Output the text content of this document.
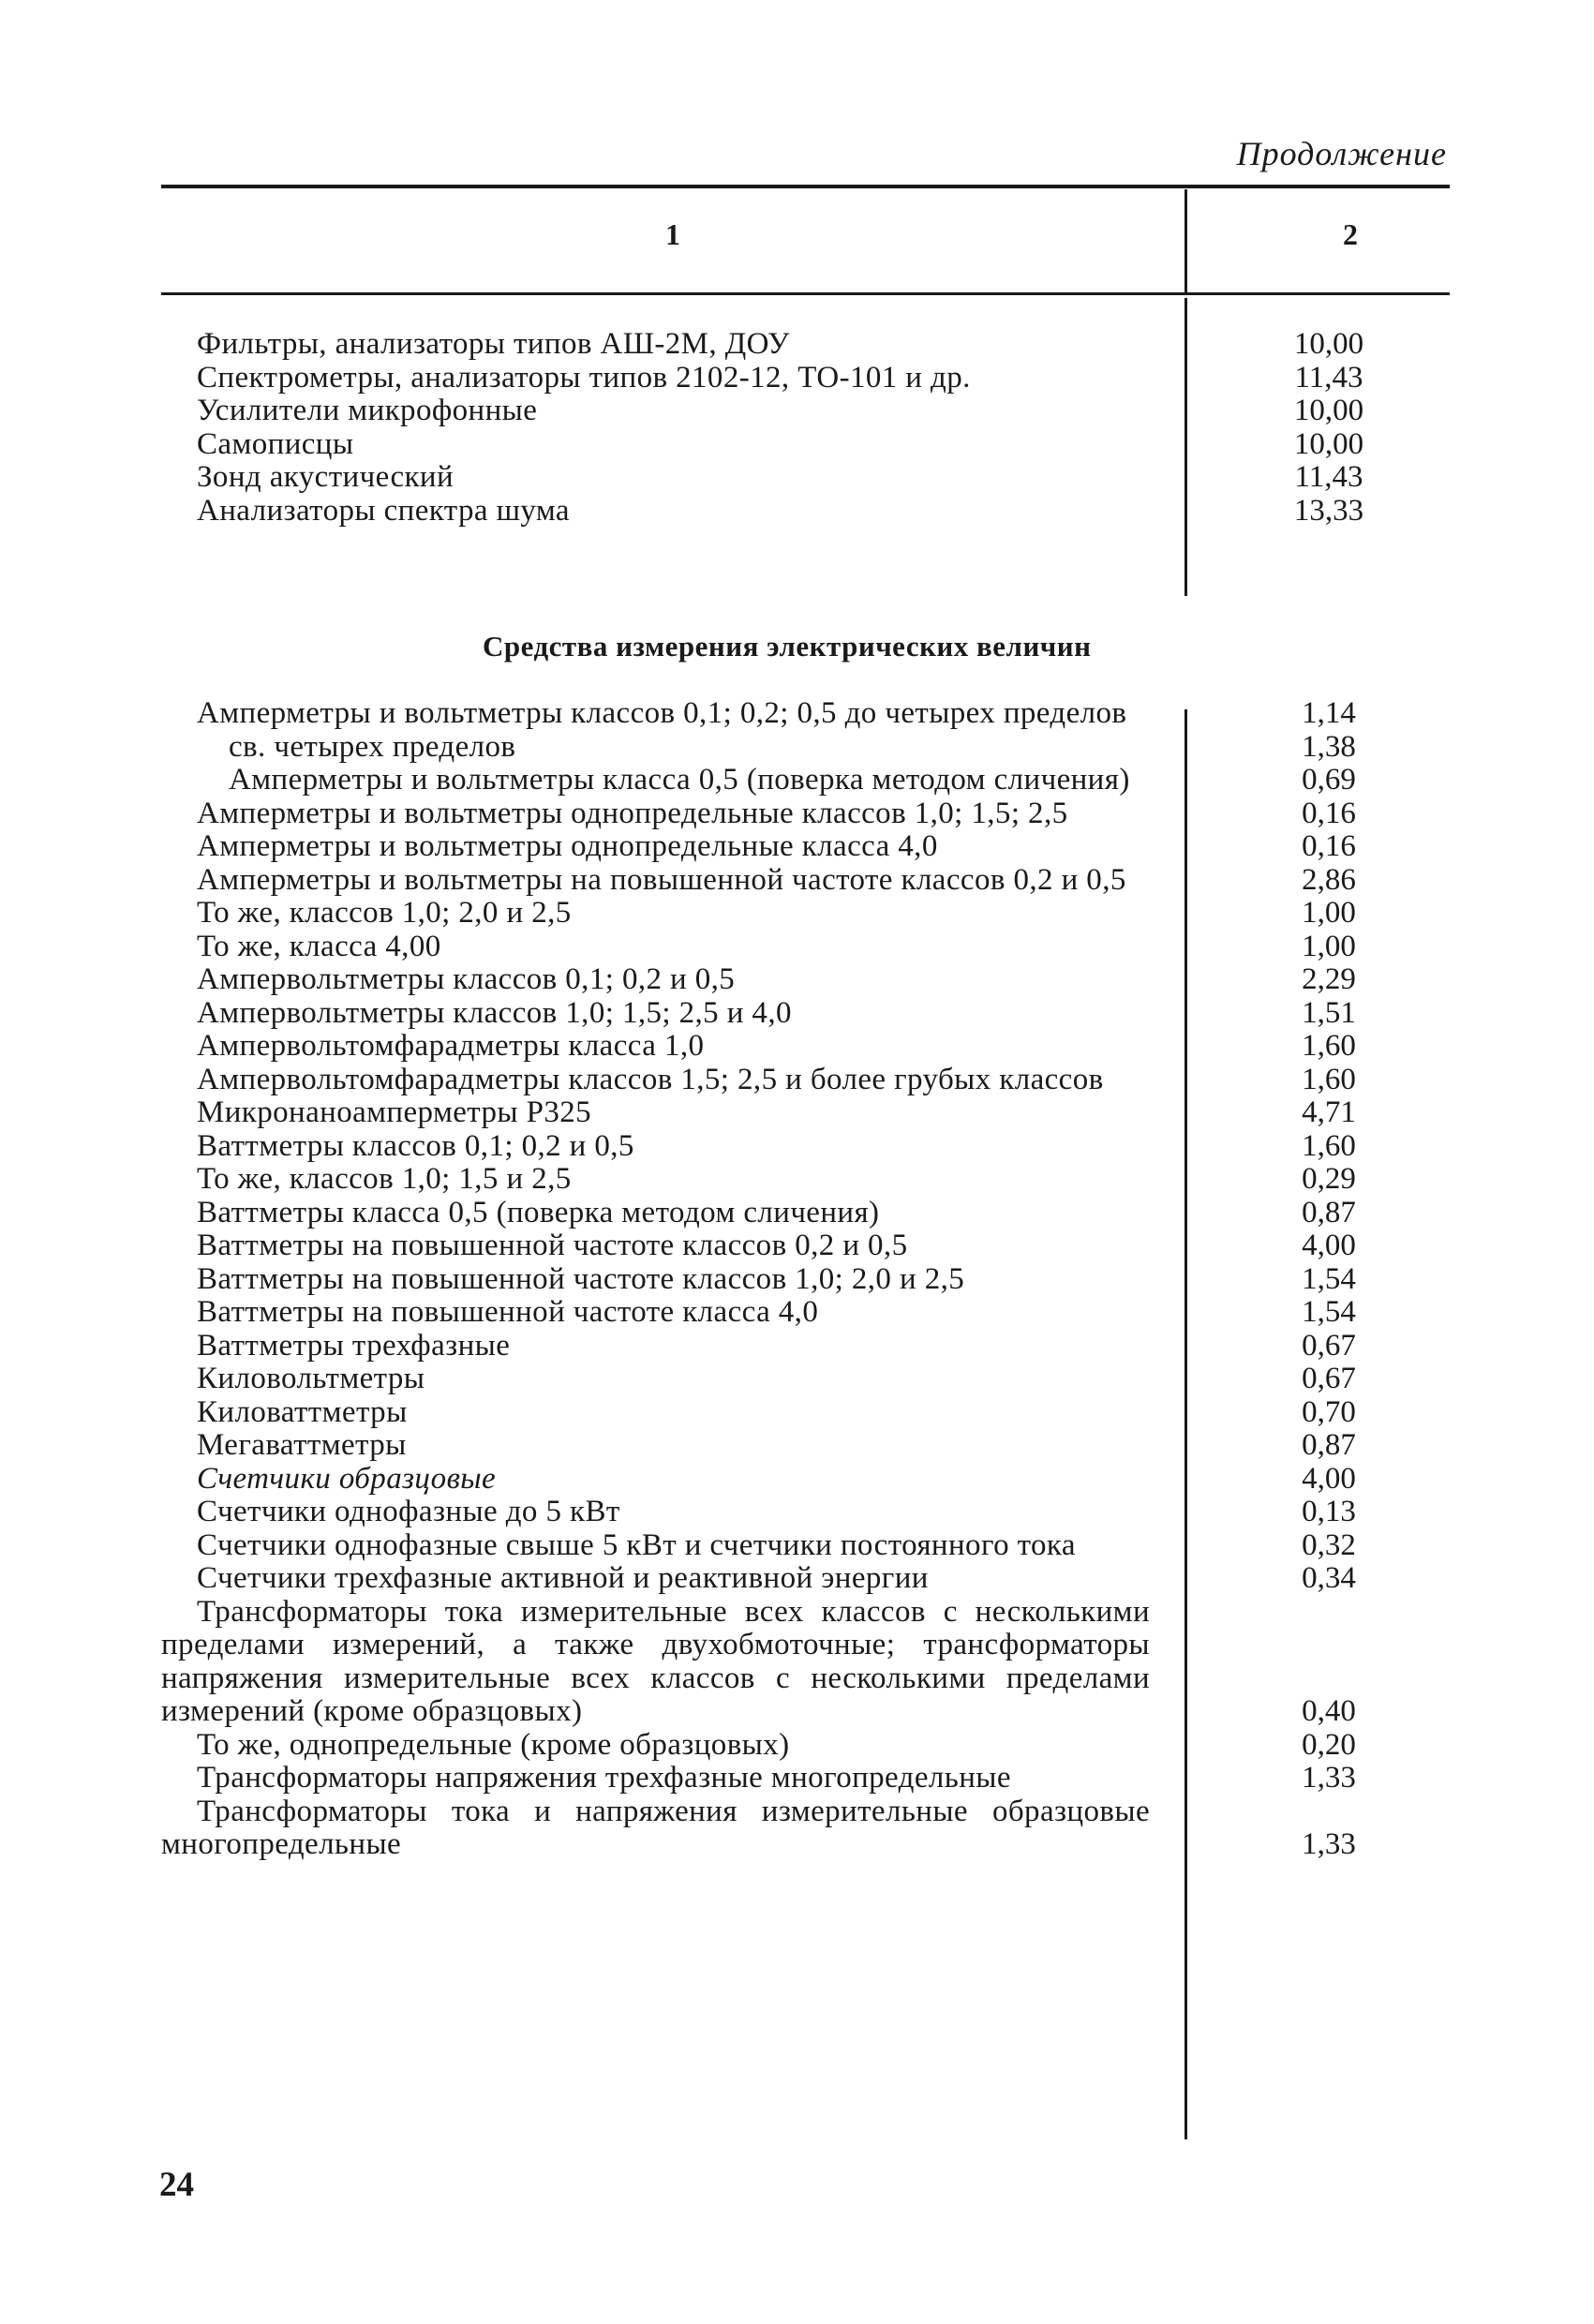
Продолжение
1	2
Фильтры, анализаторы типов АШ-2М, ДОУ	10,00
Спектрометры, анализаторы типов 2102-12, ТО-101 и др.	11,43
Усилители микрофонные	10,00
Самописцы	10,00
Зонд акустический	11,43
Анализаторы спектра шума	13,33
Средства измерения электрических величин
Амперметры и вольтметры классов 0,1; 0,2; 0,5 до четырех пределов	1,14
св. четырех пределов	1,38
Амперметры и вольтметры класса 0,5 (поверка методом сличения)	0,69
Амперметры и вольтметры однопредельные классов 1,0; 1,5; 2,5	0,16
Амперметры и вольтметры однопредельные класса 4,0	0,16
Амперметры и вольтметры на повышенной частоте классов 0,2 и 0,5	2,86
То же, классов 1,0; 2,0 и 2,5	1,00
То же, класса 4,00	1,00
Ампервольтметры классов 0,1; 0,2 и 0,5	2,29
Ампервольтметры классов 1,0; 1,5; 2,5 и 4,0	1,51
Ампервольтомфарадметры класса 1,0	1,60
Ампервольтомфарадметры классов 1,5; 2,5 и более грубых классов	1,60
Микронаноамперметры Р325	4,71
Ваттметры классов 0,1; 0,2 и 0,5	1,60
То же, классов 1,0; 1,5 и 2,5	0,29
Ваттметры класса 0,5 (поверка методом сличения)	0,87
Ваттметры на повышенной частоте классов 0,2 и 0,5	4,00
Ваттметры на повышенной частоте классов 1,0; 2,0 и 2,5	1,54
Ваттметры на повышенной частоте класса 4,0	1,54
Ваттметры трехфазные	0,67
Киловольтметры	0,67
Киловаттметры	0,70
Мегаваттметры	0,87
Счетчики образцовые	4,00
Счетчики однофазные до 5 кВт	0,13
Счетчики однофазные свыше 5 кВт и счетчики постоянного тока	0,32
Счетчики трехфазные активной и реактивной энергии	0,34
Трансформаторы тока измерительные всех классов с несколькими пределами измерений, а также двухобмоточные; трансформаторы напряжения измерительные всех классов с несколькими пределами измерений (кроме образцовых)	0,40
То же, однопредельные (кроме образцовых)	0,20
Трансформаторы напряжения трехфазные многопредельные	1,33
Трансформаторы тока и напряжения измерительные образцовые многопредельные	1,33
24
